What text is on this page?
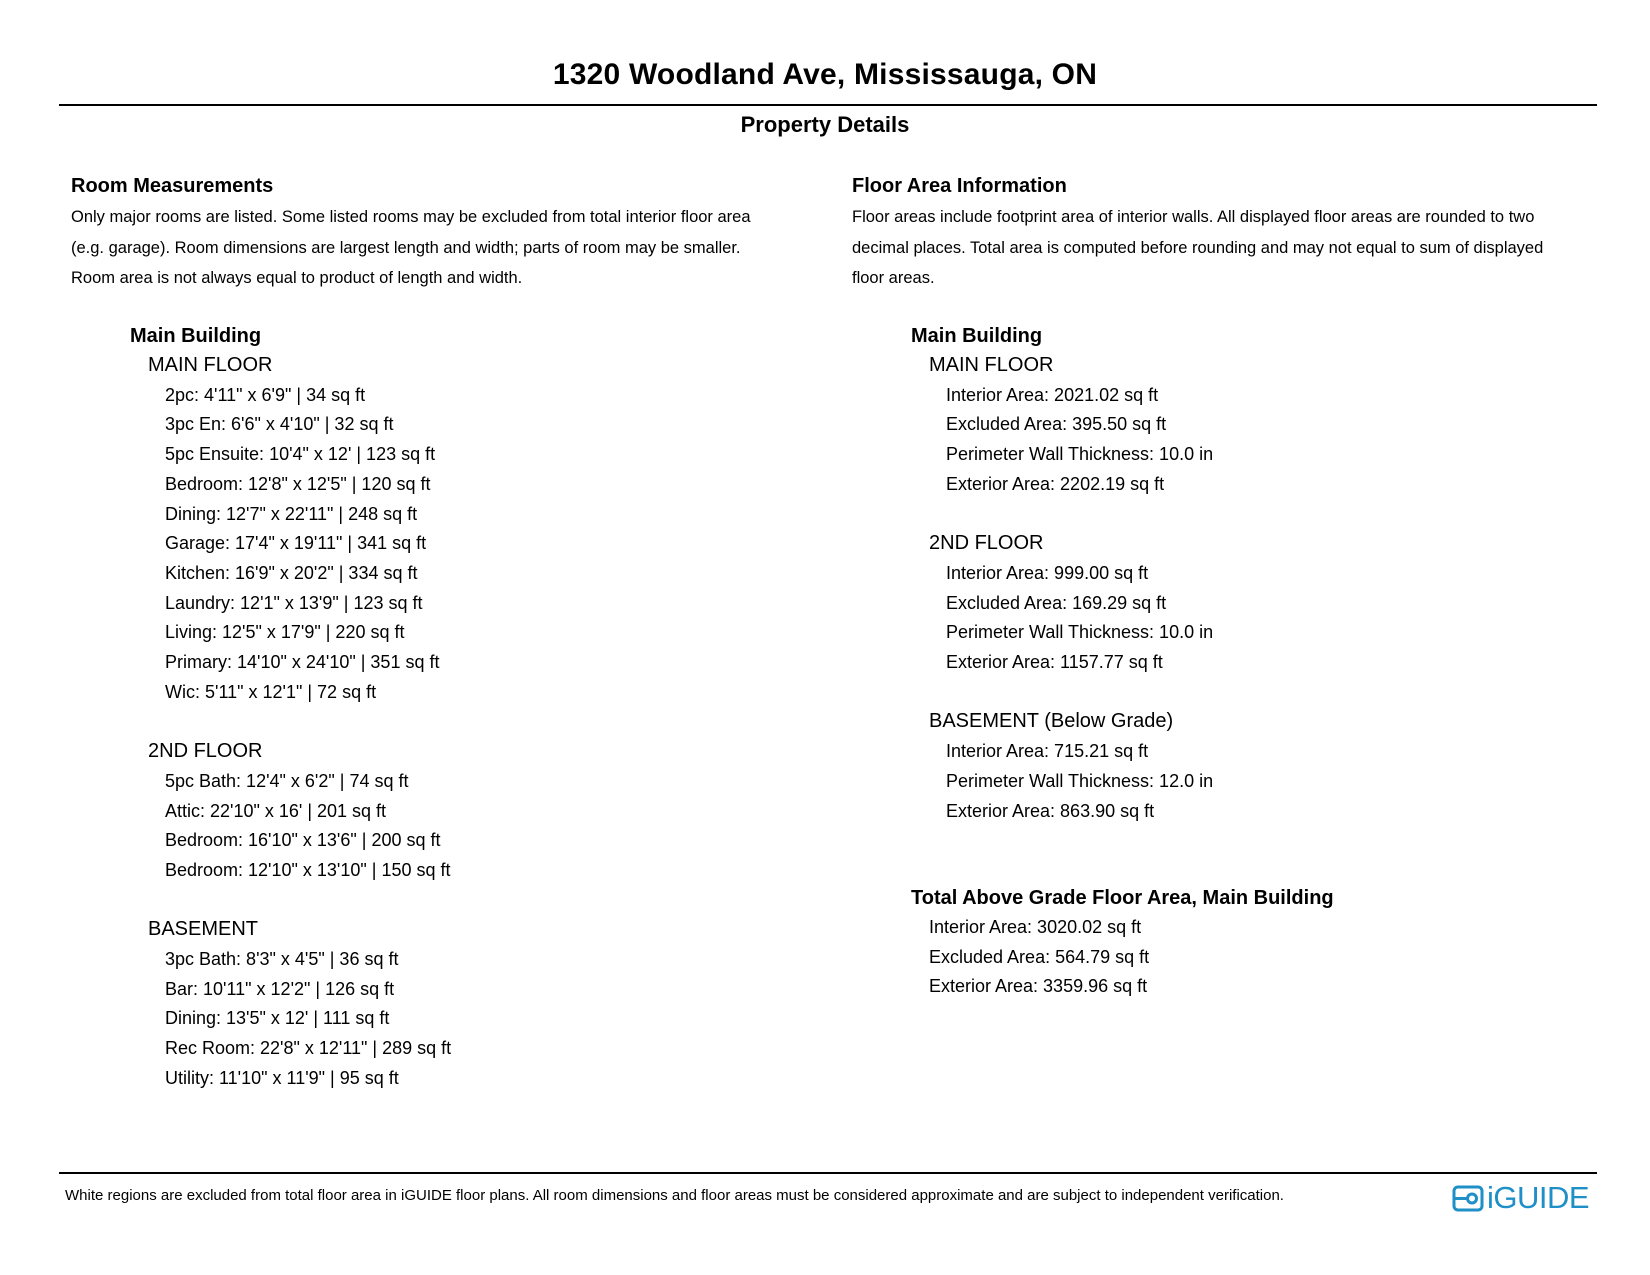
1320 Woodland Ave, Mississauga, ON
Property Details
Room Measurements
Only major rooms are listed. Some listed rooms may be excluded from total interior floor area
(e.g. garage). Room dimensions are largest length and width; parts of room may be smaller.
Room area is not always equal to product of length and width.
Main Building
MAIN FLOOR
2pc: 4'11" x 6'9" | 34 sq ft
3pc En: 6'6" x 4'10" | 32 sq ft
5pc Ensuite: 10'4" x 12' | 123 sq ft
Bedroom: 12'8" x 12'5" | 120 sq ft
Dining: 12'7" x 22'11" | 248 sq ft
Garage: 17'4" x 19'11" | 341 sq ft
Kitchen: 16'9" x 20'2" | 334 sq ft
Laundry: 12'1" x 13'9" | 123 sq ft
Living: 12'5" x 17'9" | 220 sq ft
Primary: 14'10" x 24'10" | 351 sq ft
Wic: 5'11" x 12'1" | 72 sq ft
2ND FLOOR
5pc Bath: 12'4" x 6'2" | 74 sq ft
Attic: 22'10" x 16' | 201 sq ft
Bedroom: 16'10" x 13'6" | 200 sq ft
Bedroom: 12'10" x 13'10" | 150 sq ft
BASEMENT
3pc Bath: 8'3" x 4'5" | 36 sq ft
Bar: 10'11" x 12'2" | 126 sq ft
Dining: 13'5" x 12' | 111 sq ft
Rec Room: 22'8" x 12'11" | 289 sq ft
Utility: 11'10" x 11'9" | 95 sq ft
Floor Area Information
Floor areas include footprint area of interior walls. All displayed floor areas are rounded to two
decimal places. Total area is computed before rounding and may not equal to sum of displayed
floor areas.
Main Building
MAIN FLOOR
Interior Area: 2021.02 sq ft
Excluded Area: 395.50 sq ft
Perimeter Wall Thickness: 10.0 in
Exterior Area: 2202.19 sq ft
2ND FLOOR
Interior Area: 999.00 sq ft
Excluded Area: 169.29 sq ft
Perimeter Wall Thickness: 10.0 in
Exterior Area: 1157.77 sq ft
BASEMENT (Below Grade)
Interior Area: 715.21 sq ft
Perimeter Wall Thickness: 12.0 in
Exterior Area: 863.90 sq ft
Total Above Grade Floor Area, Main Building
Interior Area: 3020.02 sq ft
Excluded Area: 564.79 sq ft
Exterior Area: 3359.96 sq ft
White regions are excluded from total floor area in iGUIDE floor plans. All room dimensions and floor areas must be considered approximate and are subject to independent verification.	iGUIDE
